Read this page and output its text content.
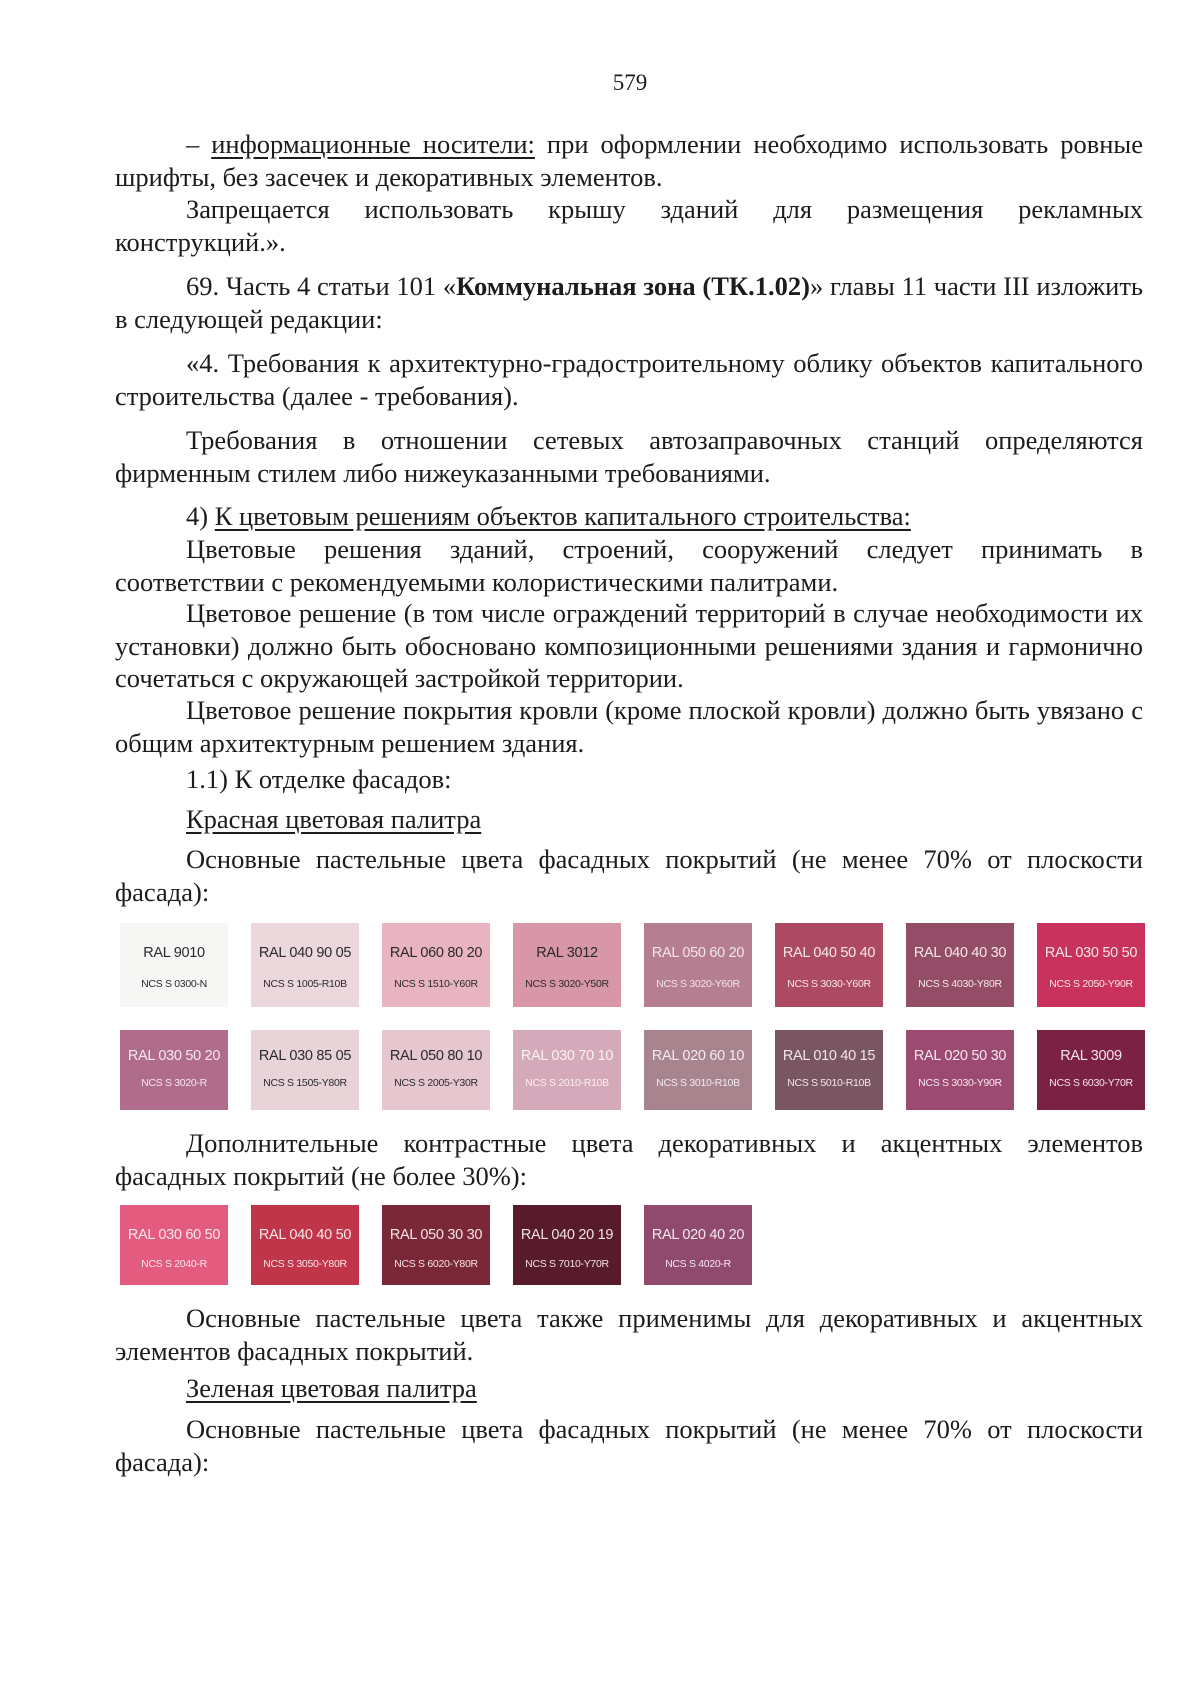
579

– информационные носители: при оформлении необходимо использовать ровные шрифты, без засечек и декоративных элементов.

Запрещается использовать крышу зданий для размещения рекламных конструкций.».

69. Часть 4 статьи 101 «Коммунальная зона (ТК.1.02)» главы 11 части III изложить в следующей редакции:

«4. Требования к архитектурно-градостроительному облику объектов капитального строительства (далее - требования).

Требования в отношении сетевых автозаправочных станций определяются фирменным стилем либо нижеуказанными требованиями.

4) К цветовым решениям объектов капитального строительства:

Цветовые решения зданий, строений, сооружений следует принимать в соответствии с рекомендуемыми колористическими палитрами.

Цветовое решение (в том числе ограждений территорий в случае необходимости их установки) должно быть обосновано композиционными решениями здания и гармонично сочетаться с окружающей застройкой территории.

Цветовое решение покрытия кровли (кроме плоской кровли) должно быть увязано с общим архитектурным решением здания.

1.1) К отделке фасадов:

Красная цветовая палитра

Основные пастельные цвета фасадных покрытий (не менее 70% от плоскости фасада):

RAL 9010
NCS S 0300-N
RAL 040 90 05
NCS S 1005-R10B
RAL 060 80 20
NCS S 1510-Y60R
RAL 3012
NCS S 3020-Y50R
RAL 050 60 20
NCS S 3020-Y60R
RAL 040 50 40
NCS S 3030-Y60R
RAL 040 40 30
NCS S 4030-Y80R
RAL 030 50 50
NCS S 2050-Y90R
RAL 030 50 20
NCS S 3020-R
RAL 030 85 05
NCS S 1505-Y80R
RAL 050 80 10
NCS S 2005-Y30R
RAL 030 70 10
NCS S 2010-R10B
RAL 020 60 10
NCS S 3010-R10B
RAL 010 40 15
NCS S 5010-R10B
RAL 020 50 30
NCS S 3030-Y90R
RAL 3009
NCS S 6030-Y70R

Дополнительные контрастные цвета декоративных и акцентных элементов фасадных покрытий (не более 30%):

RAL 030 60 50
NCS S 2040-R
RAL 040 40 50
NCS S 3050-Y80R
RAL 050 30 30
NCS S 6020-Y80R
RAL 040 20 19
NCS S 7010-Y70R
RAL 020 40 20
NCS S 4020-R

Основные пастельные цвета также применимы для декоративных и акцентных элементов фасадных покрытий.

Зеленая цветовая палитра

Основные пастельные цвета фасадных покрытий (не менее 70% от плоскости фасада):
